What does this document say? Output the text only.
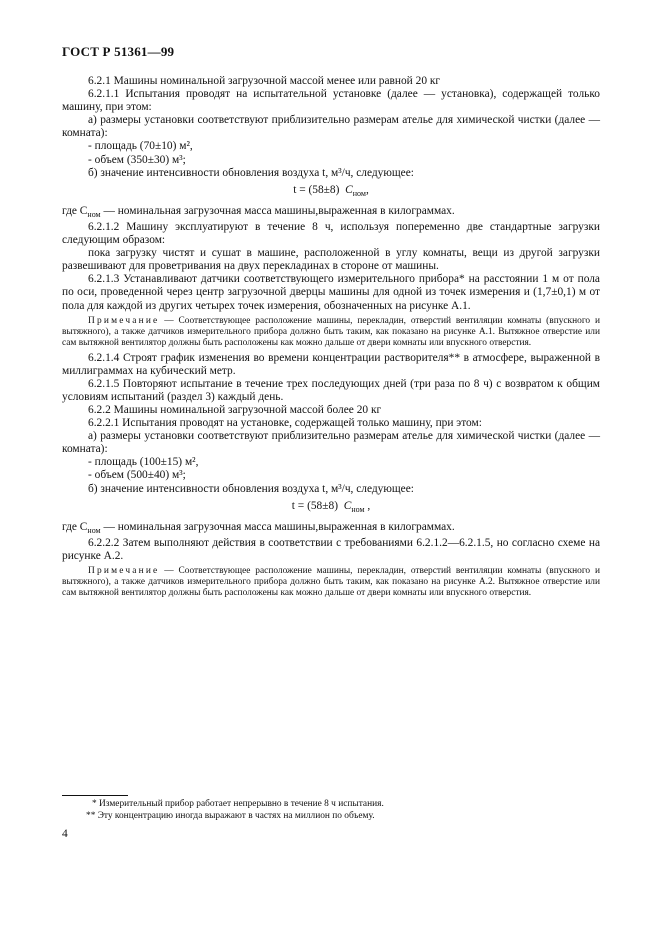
ГОСТ Р 51361—99

6.2.1 Машины номинальной загрузочной массой менее или равной 20 кг

6.2.1.1 Испытания проводят на испытательной установке (далее — установка), содержащей только машину, при этом:

а) размеры установки соответствуют приблизительно размерам ателье для химической чистки (далее — комната):

- площадь (70±10) м²,

- объем (350±30) м³;

б) значение интенсивности обновления воздуха t, м³/ч, следующее:

t = (58±8) $C_{ном}$,

где $C_{ном}$ — номинальная загрузочная масса машины,выраженная в килограммах.

6.2.1.2 Машину эксплуатируют в течение 8 ч, используя попеременно две стандартные загрузки следующим образом:

пока загрузку чистят и сушат в машине, расположенной в углу комнаты, вещи из другой загрузки развешивают для проветривания на двух перекладинах в стороне от машины.

6.2.1.3 Устанавливают датчики соответствующего измерительного прибора* на расстоянии 1 м от пола по оси, проведенной через центр загрузочной дверцы машины для одной из точек измерения и (1,7±0,1) м от пола для каждой из других четырех точек измерения, обозначенных на рисунке А.1.

Примечание — Соответствующее расположение машины, перекладин, отверстий вентиляции комнаты (впускного и вытяжного), а также датчиков измерительного прибора должно быть таким, как показано на рисунке А.1. Вытяжное отверстие или сам вытяжной вентилятор должны быть расположены как можно дальше от двери комнаты или впускного отверстия.

6.2.1.4 Строят график изменения во времени концентрации растворителя** в атмосфере, выраженной в миллиграммах на кубический метр.

6.2.1.5 Повторяют испытание в течение трех последующих дней (три раза по 8 ч) с возвратом к общим условиям испытаний (раздел 3) каждый день.

6.2.2 Машины номинальной загрузочной массой более 20 кг

6.2.2.1 Испытания проводят на установке, содержащей только машину, при этом:

а) размеры установки соответствуют приблизительно размерам ателье для химической чистки (далее — комната):

- площадь (100±15) м²,

- объем (500±40) м³;

б) значение интенсивности обновления воздуха t, м³/ч, следующее:

t = (58±8) $C_{ном}$ ,

где $C_{ном}$ — номинальная загрузочная масса машины,выраженная в килограммах.

6.2.2.2 Затем выполняют действия в соответствии с требованиями 6.2.1.2—6.2.1.5, но согласно схеме на рисунке А.2.

Примечание — Соответствующее расположение машины, перекладин, отверстий вентиляции комнаты (впускного и вытяжного), а также датчиков измерительного прибора должно быть таким, как показано на рисунке А.2. Вытяжное отверстие или сам вытяжной вентилятор должны быть расположены как можно дальше от двери комнаты или впускного отверстия.

* Измерительный прибор работает непрерывно в течение 8 ч испытания.
** Эту концентрацию иногда выражают в частях на миллион по объему.
4
